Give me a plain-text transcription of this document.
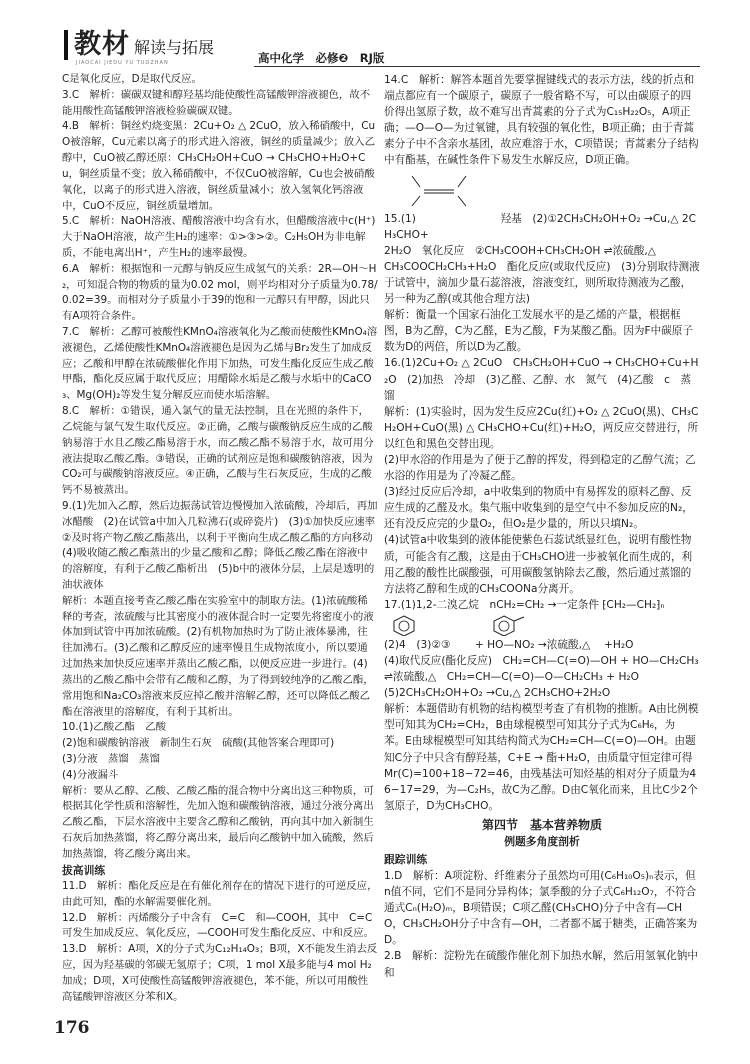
教材 解读与拓展
JIAOCAI JIEDU YU TUOZHAN	高中化学　必修❷　RJ版

C是氧化反应，D是取代反应。

3.C　解析：碳碳双键和醇羟基均能使酸性高锰酸钾溶液褪色，故不能用酸性高锰酸钾溶液检验碳碳双键。

4.B　解析：铜丝灼烧变黑：2Cu+O₂ △ 2CuO，放入稀硝酸中，CuO被溶解，Cu元素以离子的形式进入溶液，铜丝的质量减少；放入乙醇中，CuO被乙醇还原：CH₃CH₂OH+CuO → CH₃CHO+H₂O+Cu，铜丝质量不变；放入稀硝酸中，不仅CuO被溶解，Cu也会被硝酸氧化，以离子的形式进入溶液，铜丝质量减小；放入氢氧化钙溶液中，CuO不反应，铜丝质量增加。

5.C　解析：NaOH溶液、醋酸溶液中均含有水，但醋酸溶液中c(H⁺)大于NaOH溶液，故产生H₂的速率：①>③>②。C₂H₅OH为非电解质，不能电离出H⁺，产生H₂的速率最慢。

6.A　解析：根据饱和一元醇与钠反应生成氢气的关系：2R—OH～H₂，可知混合物的物质的量为0.02 mol，则平均相对分子质量为0.78/0.02=39。而相对分子质量小于39的饱和一元醇只有甲醇，因此只有A项符合条件。

7.C　解析：乙醇可被酸性KMnO₄溶液氧化为乙酸而使酸性KMnO₄溶液褪色，乙烯使酸性KMnO₄溶液褪色是因为乙烯与Br₂发生了加成反应；乙酸和甲醇在浓硫酸催化作用下加热，可发生酯化反应生成乙酸甲酯，酯化反应属于取代反应；用醋除水垢是乙酸与水垢中的CaCO₃、Mg(OH)₂等发生复分解反应而使水垢溶解。

8.C　解析：①错误，通入氯气的量无法控制，且在光照的条件下，乙烷能与氯气发生取代反应。②正确，乙酸与碳酸钠反应生成的乙酸钠易溶于水且乙酸乙酯易溶于水，而乙酸乙酯不易溶于水，故可用分液法提取乙酸乙酯。③错误，正确的试剂应是饱和碳酸钠溶液，因为CO₂可与碳酸钠溶液反应。④正确，乙酸与生石灰反应，生成的乙酸钙不易被蒸出。

9.(1)先加入乙醇，然后边振荡试管边慢慢加入浓硫酸，冷却后，再加冰醋酸　(2)在试管a中加入几粒沸石(或碎瓷片)　(3)①加快反应速率　②及时将产物乙酸乙酯蒸出，以利于平衡向生成乙酸乙酯的方向移动　(4)吸收随乙酸乙酯蒸出的少量乙酸和乙醇；降低乙酸乙酯在溶液中的溶解度，有利于乙酸乙酯析出　(5)b中的液体分层，上层是透明的油状液体

解析：本题直接考查乙酸乙酯在实验室中的制取方法。(1)浓硫酸稀释的考查，浓硫酸与比其密度小的液体混合时一定要先将密度小的液体加到试管中再加浓硫酸。(2)有机物加热时为了防止液体暴沸，往往加沸石。(3)乙酸和乙醇反应的速率慢且生成物浓度小，所以要通过加热来加快反应速率并蒸出乙酸乙酯，以便反应进一步进行。(4)蒸出的乙酸乙酯中会带有乙酸和乙醇，为了得到较纯净的乙酸乙酯，常用饱和Na₂CO₃溶液来反应掉乙酸并溶解乙醇，还可以降低乙酸乙酯在溶液里的溶解度，有利于其析出。

10.(1)乙酸乙酯　乙酸
(2)饱和碳酸钠溶液　新制生石灰　硫酸(其他答案合理即可)
(3)分液　蒸馏　蒸馏
(4)分液漏斗

解析：要从乙醇、乙酸、乙酸乙酯的混合物中分离出这三种物质，可根据其化学性质和溶解性，先加入饱和碳酸钠溶液，通过分液分离出乙酸乙酯，下层水溶液中主要含乙醇和乙酸钠，再向其中加入新制生石灰后加热蒸馏，将乙醇分离出来，最后向乙酸钠中加入硫酸，然后加热蒸馏，将乙酸分离出来。

拔高训练

11.D　解析：酯化反应是在有催化剂存在的情况下进行的可逆反应，由此可知，酯的水解需要催化剂。

12.D　解析：丙烯酸分子中含有　C=C　和—COOH，其中　C=C

可发生加成反应、氧化反应，—COOH可发生酯化反应、中和反应。

13.D　解析：A项，X的分子式为C₁₂H₁₄O₃；B项，X不能发生消去反应，因为羟基碳的邻碳无氢原子；C项，1 mol X最多能与4 mol H₂加成；D项，X可使酸性高锰酸钾溶液褪色，苯不能，所以可用酸性高锰酸钾溶液区分苯和X。

14.C　解析：解答本题首先要掌握键线式的表示方法，线的折点和端点都应有一个碳原子，碳原子一般省略不写，可以由碳原子的四价得出氢原子数，故不难写出青蒿素的分子式为C₁₅H₂₂O₅，A项正确；—O—O—为过氧键，具有较强的氧化性，B项正确；由于青蒿素分子中不含亲水基团，故应难溶于水，C项错误；青蒿素分子结构中有酯基，在碱性条件下易发生水解反应，D项正确。

15.(1)　　　　　　　　羟基　(2)①2CH₃CH₂OH+O₂ →Cu,△ 2CH₃CHO+

2H₂O　氧化反应　②CH₃COOH+CH₃CH₂OH ⇌浓硫酸,△

CH₃COOCH₂CH₃+H₂O　酯化反应(或取代反应)　(3)分别取待测液于试管中，滴加少量石蕊溶液，溶液变红，则所取待测液为乙酸，另一种为乙醇(或其他合理方法)

解析：衡量一个国家石油化工发展水平的是乙烯的产量，根据框图，B为乙醇，C为乙醛，E为乙酸，F为某酸乙酯。因为F中碳原子数为D的两倍，所以D为乙酸。

16.(1)2Cu+O₂ △ 2CuO　CH₃CH₂OH+CuO → CH₃CHO+Cu+H₂O　(2)加热　冷却　(3)乙醛、乙醇、水　氮气　(4)乙酸　c　蒸馏

解析：(1)实验时，因为发生反应2Cu(红)+O₂ △ 2CuO(黑)、CH₃CH₂OH+CuO(黑) △ CH₃CHO+Cu(红)+H₂O，两反应交替进行，所以红色和黑色交替出现。

(2)甲水浴的作用是为了便于乙醇的挥发，得到稳定的乙醇气流；乙水浴的作用是为了冷凝乙醛。

(3)经过反应后冷却，a中收集到的物质中有易挥发的原料乙醇、反应生成的乙醛及水。集气瓶中收集到的是空气中不参加反应的N₂，还有没反应完的少量O₂，但O₂是少量的，所以只填N₂。

(4)试管a中收集到的液体能使紫色石蕊试纸显红色，说明有酸性物质，可能含有乙酸，这是由于CH₃CHO进一步被氧化而生成的，利用乙酸的酸性比碳酸强，可用碳酸氢钠除去乙酸，然后通过蒸馏的方法将乙醇和生成的CH₃COONa分离开。

17.(1)1,2-二溴乙烷　nCH₂=CH₂ →一定条件 ⁅CH₂—CH₂⁆ₙ

(2)4　(3)②③　　 + HO—NO₂ →浓硫酸,△　 +H₂O

(4)取代反应(酯化反应)　CH₂=CH—C(=O)—OH + HO—CH₂CH₃

⇌浓硫酸,△　CH₂=CH—C(=O)—O—CH₂CH₃ + H₂O

(5)2CH₃CH₂OH+O₂ →Cu,△ 2CH₃CHO+2H₂O

解析：本题借助有机物的结构模型考查了有机物的推断。A由比例模型可知其为CH₂=CH₂，B由球棍模型可知其分子式为C₆H₆，为

苯。E由球棍模型可知其结构简式为CH₂=CH—C(=O)—OH。由题知C分子中只含有醇羟基，C+E → 酯+H₂O，由质量守恒定律可得Mr(C)=100+18−72=46，由残基法可知烃基的相对分子质量为46−17=29，为—C₂H₅，故C为乙醇。D由C氧化而来，且比C少2个氢原子，D为CH₃CHO。

第四节　基本营养物质

例题多角度剖析

跟踪训练

1.D　解析：A项淀粉、纤维素分子虽然均可用(C₆H₁₀O₅)ₙ表示，但n值不同，它们不是同分异构体；氯季酸的分子式C₆H₁₂O₇，不符合通式Cₙ(H₂O)ₘ，B项错误；C项乙醛(CH₃CHO)分子中含有—CHO，CH₃CH₂OH分子中含有—OH，二者都不属于糖类，正确答案为D。

2.B　解析：淀粉先在硫酸作催化剂下加热水解，然后用氢氧化钠中和

176
